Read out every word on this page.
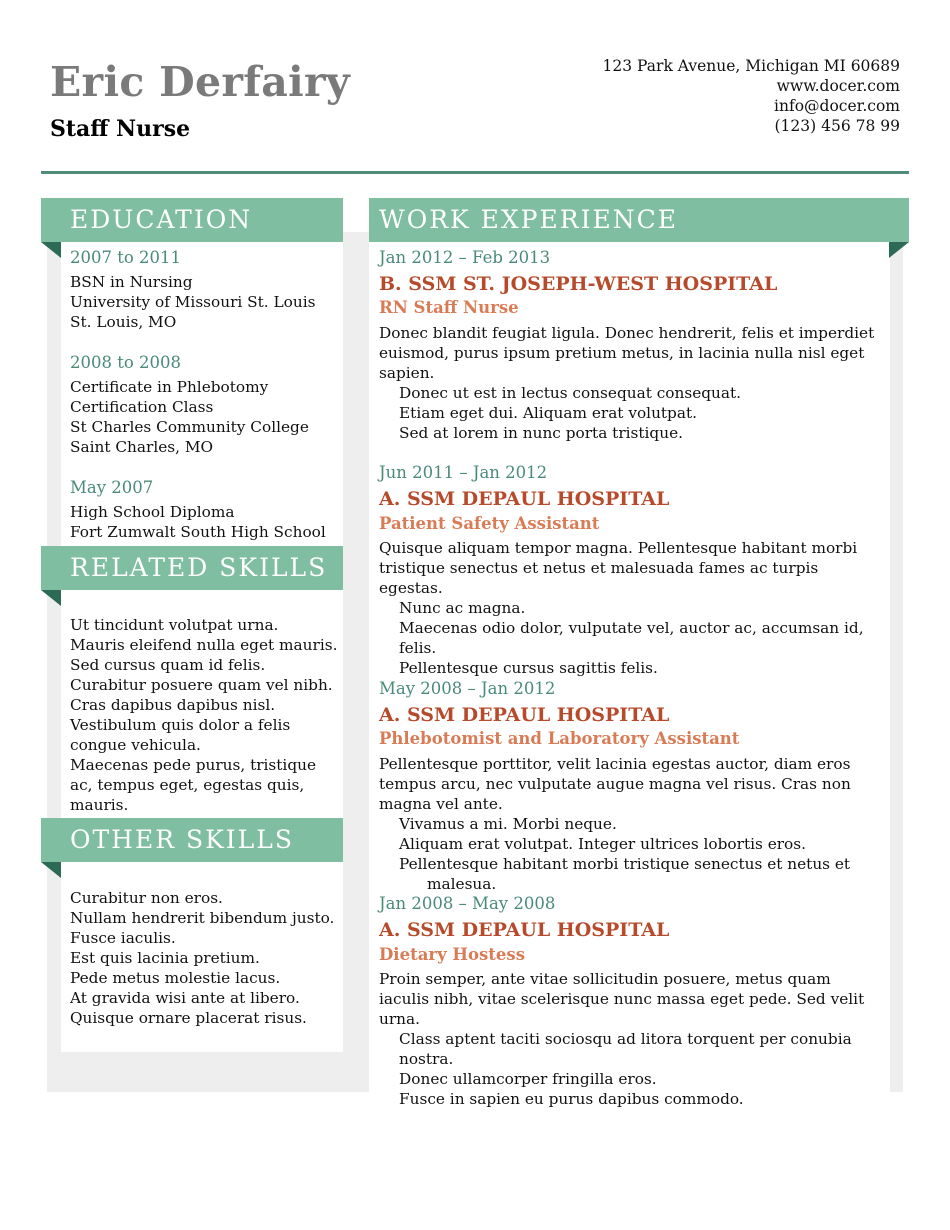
Eric Derfairy
Staff Nurse
123 Park Avenue, Michigan MI 60689
www.docer.com
info@docer.com
(123) 456 78 99
EDUCATION
2007 to 2011
BSN in Nursing
University of Missouri St. Louis
St. Louis, MO
2008 to 2008
Certificate in Phlebotomy
Certification Class
St Charles Community College
Saint Charles, MO
May 2007
High School Diploma
Fort Zumwalt South High School
RELATED SKILLS
Ut tincidunt volutpat urna.
Mauris eleifend nulla eget mauris.
Sed cursus quam id felis.
Curabitur posuere quam vel nibh.
Cras dapibus dapibus nisl.
Vestibulum quis dolor a felis congue vehicula.
Maecenas pede purus, tristique ac, tempus eget, egestas quis, mauris.
OTHER SKILLS
Curabitur non eros.
Nullam hendrerit bibendum justo.
Fusce iaculis.
Est quis lacinia pretium.
Pede metus molestie lacus.
At gravida wisi ante at libero.
Quisque ornare placerat risus.
WORK EXPERIENCE
Jan 2012 – Feb 2013
B. SSM ST. JOSEPH-WEST HOSPITAL
RN Staff Nurse
Donec blandit feugiat ligula. Donec hendrerit, felis et imperdiet euismod, purus ipsum pretium metus, in lacinia nulla nisl eget sapien.
Donec ut est in lectus consequat consequat.
Etiam eget dui. Aliquam erat volutpat.
Sed at lorem in nunc porta tristique.
Jun 2011 – Jan 2012
A. SSM DEPAUL HOSPITAL
Patient Safety Assistant
Quisque aliquam tempor magna. Pellentesque habitant morbi tristique senectus et netus et malesuada fames ac turpis egestas.
Nunc ac magna.
Maecenas odio dolor, vulputate vel, auctor ac, accumsan id, felis.
Pellentesque cursus sagittis felis.
May 2008 – Jan 2012
A. SSM DEPAUL HOSPITAL
Phlebotomist and Laboratory Assistant
Pellentesque porttitor, velit lacinia egestas auctor, diam eros tempus arcu, nec vulputate augue magna vel risus. Cras non magna vel ante.
Vivamus a mi. Morbi neque.
Aliquam erat volutpat. Integer ultrices lobortis eros.
Pellentesque habitant morbi tristique senectus et netus et
malesua.
Jan 2008 – May 2008
A. SSM DEPAUL HOSPITAL
Dietary Hostess
Proin semper, ante vitae sollicitudin posuere, metus quam iaculis nibh, vitae scelerisque nunc massa eget pede. Sed velit urna.
Class aptent taciti sociosqu ad litora torquent per conubia nostra.
Donec ullamcorper fringilla eros.
Fusce in sapien eu purus dapibus commodo.
